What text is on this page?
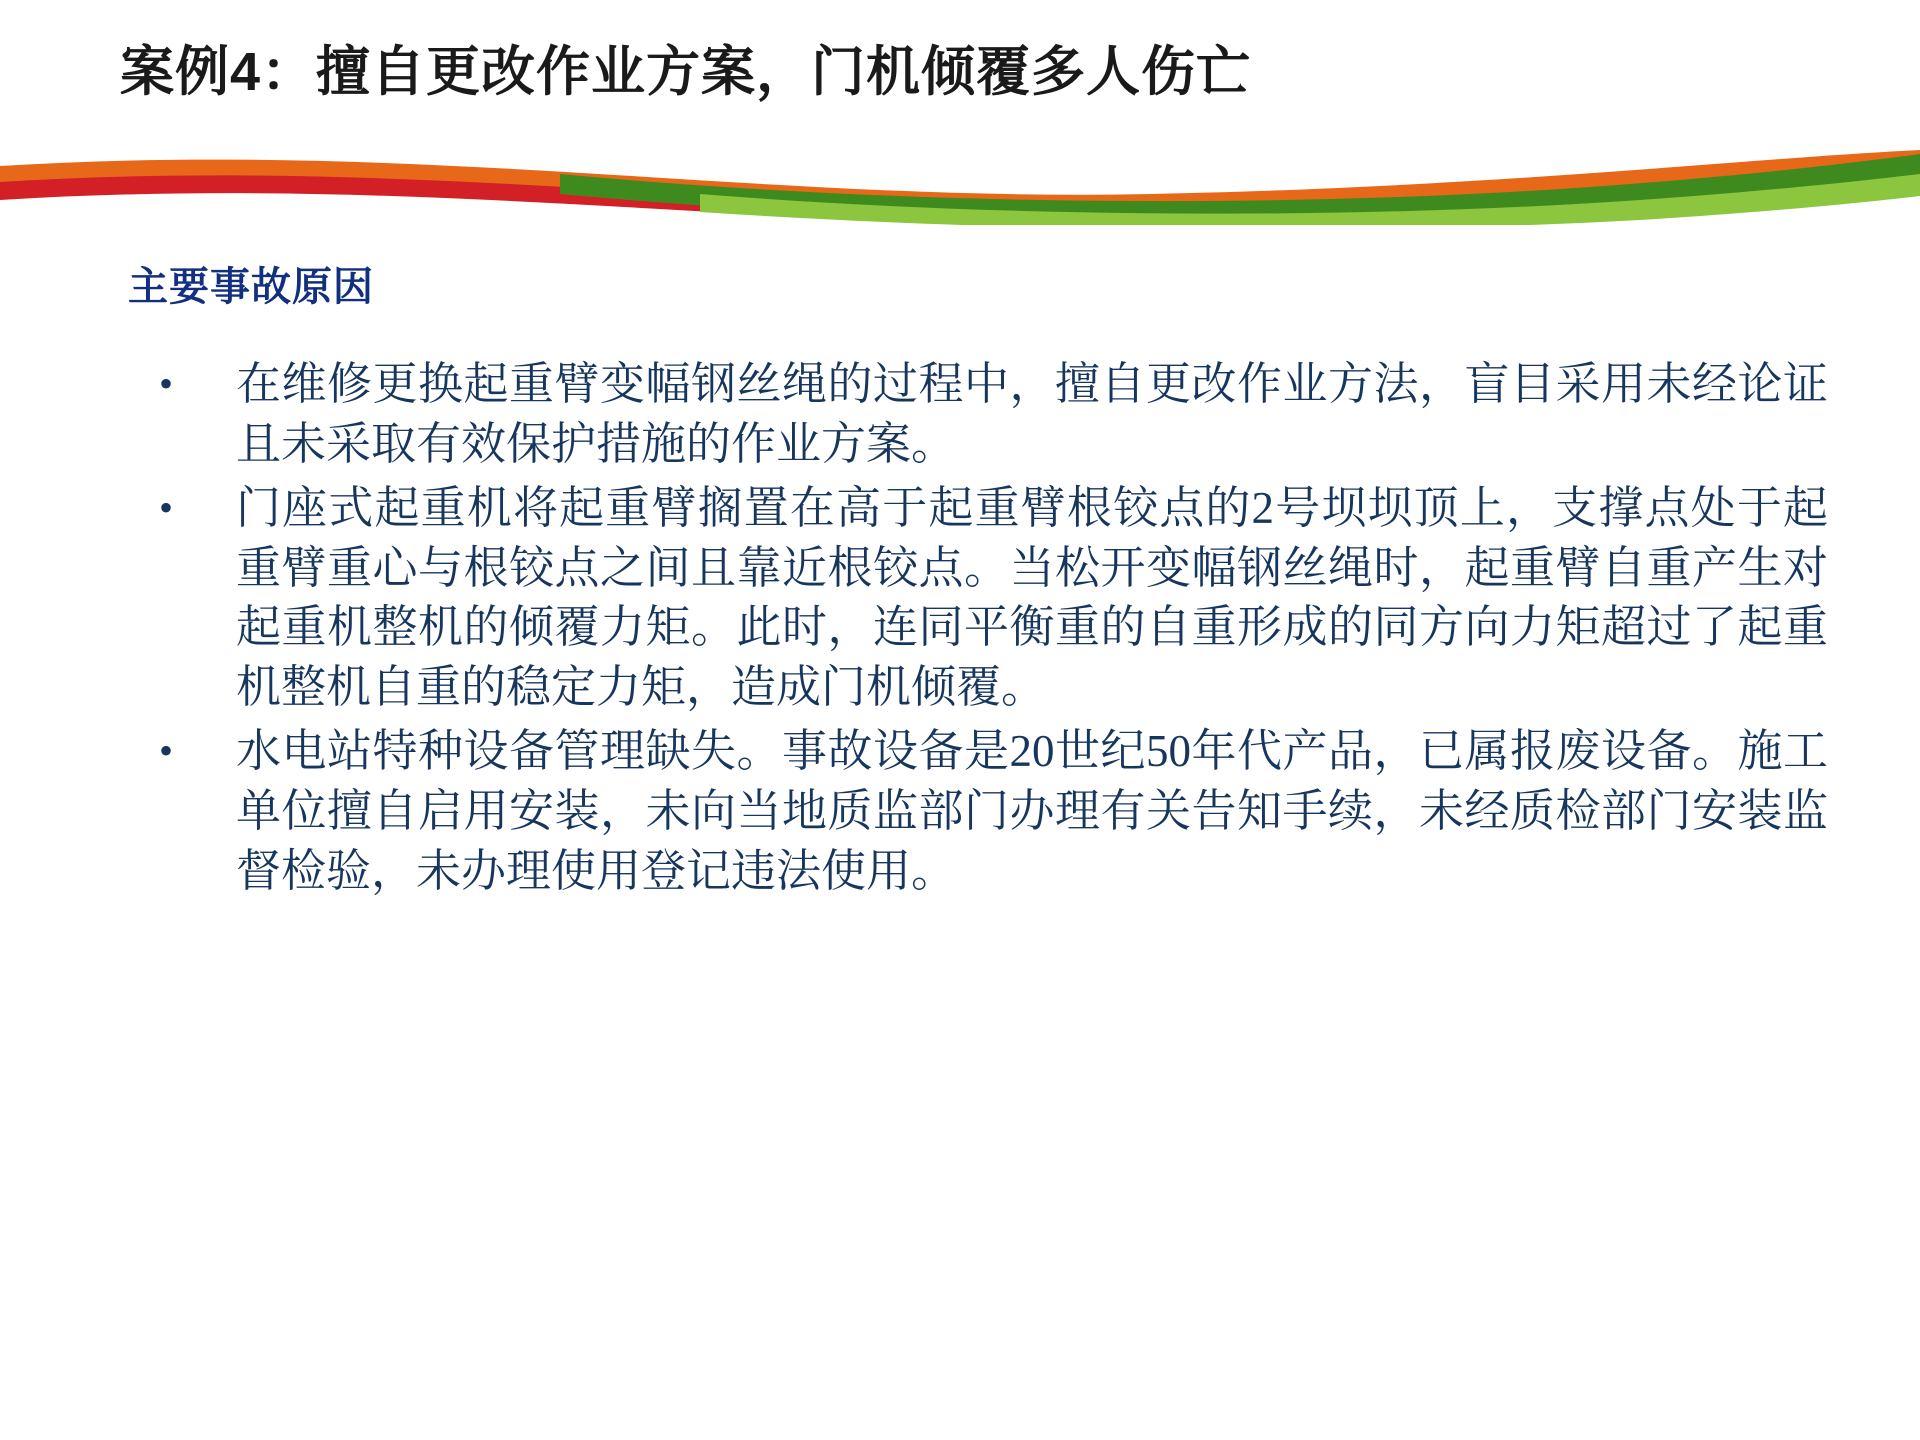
案例4：擅自更改作业方案，门机倾覆多人伤亡
主要事故原因
• 在维修更换起重臂变幅钢丝绳的过程中，擅自更改作业方法，盲目采用未经论证且未采取有效保护措施的作业方案。
• 门座式起重机将起重臂搁置在高于起重臂根铰点的2号坝坝顶上，支撑点处于起重臂重心与根铰点之间且靠近根铰点。当松开变幅钢丝绳时，起重臂自重产生对起重机整机的倾覆力矩。此时，连同平衡重的自重形成的同方向力矩超过了起重机整机自重的稳定力矩，造成门机倾覆。
• 水电站特种设备管理缺失。事故设备是20世纪50年代产品，已属报废设备。施工单位擅自启用安装，未向当地质监部门办理有关告知手续，未经质检部门安装监督检验，未办理使用登记违法使用。
